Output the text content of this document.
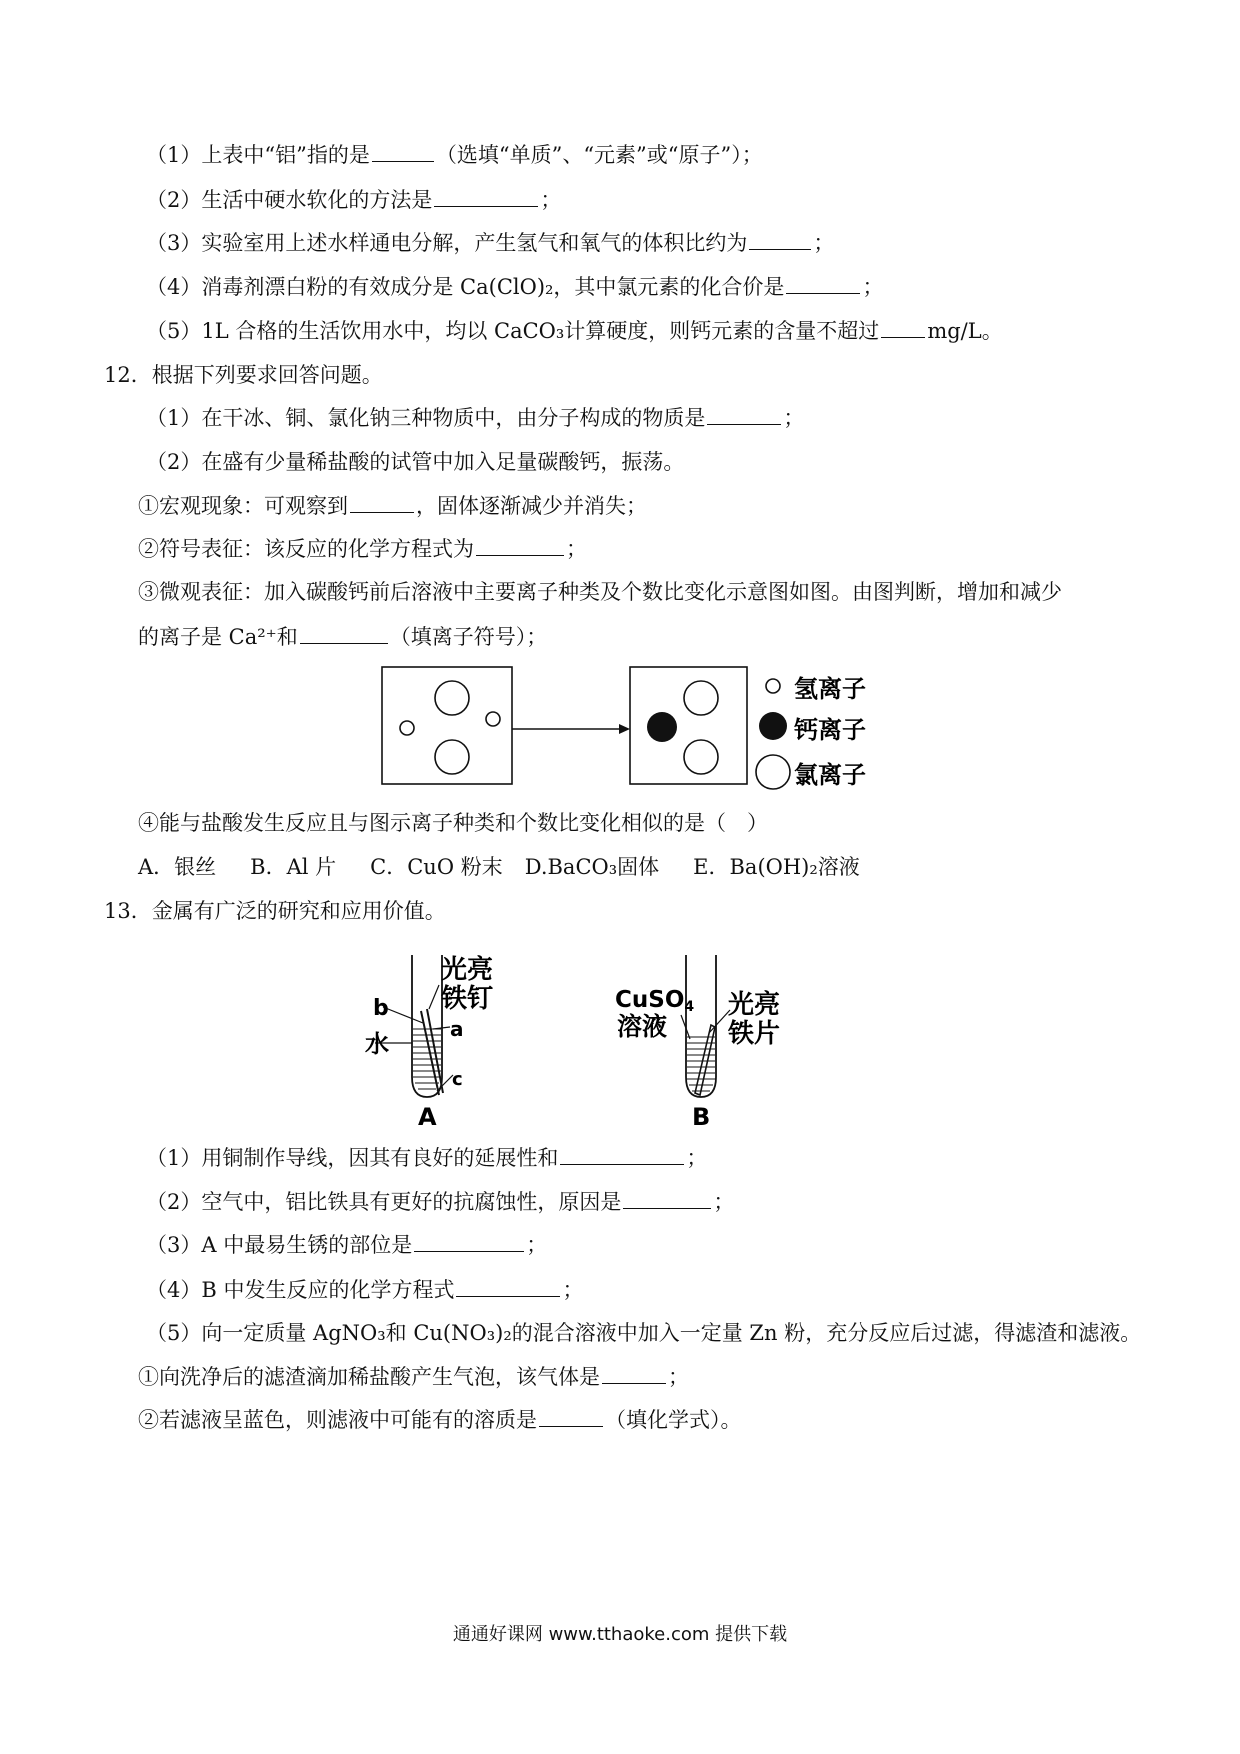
（1）上表中“铝”指的是	（选填“单质”、“元素”或“原子”）；
（2）生活中硬水软化的方法是	；
（3）实验室用上述水样通电分解，产生氢气和氧气的体积比约为	；
（4）消毒剂漂白粉的有效成分是 Ca(ClO)₂，其中氯元素的化合价是	；
（5）1L 合格的生活饮用水中，均以 CaCO₃计算硬度，则钙元素的含量不超过 mg/L。
12．根据下列要求回答问题。
（1）在干冰、铜、氯化钠三种物质中，由分子构成的物质是	；
（2）在盛有少量稀盐酸的试管中加入足量碳酸钙，振荡。
①宏观现象：可观察到	，固体逐渐减少并消失；
②符号表征：该反应的化学方程式为	；
③微观表征：加入碳酸钙前后溶液中主要离子种类及个数比变化示意图如图。由图判断，增加和减少
的离子是 Ca²⁺和	（填离子符号）；
氢离子
钙离子
氯离子
④能与盐酸发生反应且与图示离子种类和个数比变化相似的是（　）
A．银丝 B．Al 片 C．CuO 粉末 D.BaCO₃固体 E．Ba(OH)₂溶液
13．金属有广泛的研究和应用价值。
光亮
铁钉
b
a
水
c
A
CuSO4
溶液
光亮
铁片
B
（1）用铜制作导线，因其有良好的延展性和	；
（2）空气中，铝比铁具有更好的抗腐蚀性，原因是	；
（3）A 中最易生锈的部位是	；
（4）B 中发生反应的化学方程式	；
（5）向一定质量 AgNO₃和 Cu(NO₃)₂的混合溶液中加入一定量 Zn 粉，充分反应后过滤，得滤渣和滤液。
①向洗净后的滤渣滴加稀盐酸产生气泡，该气体是	；
②若滤液呈蓝色，则滤液中可能有的溶质是	（填化学式）。
通通好课网 www.tthaoke.com 提供下载
